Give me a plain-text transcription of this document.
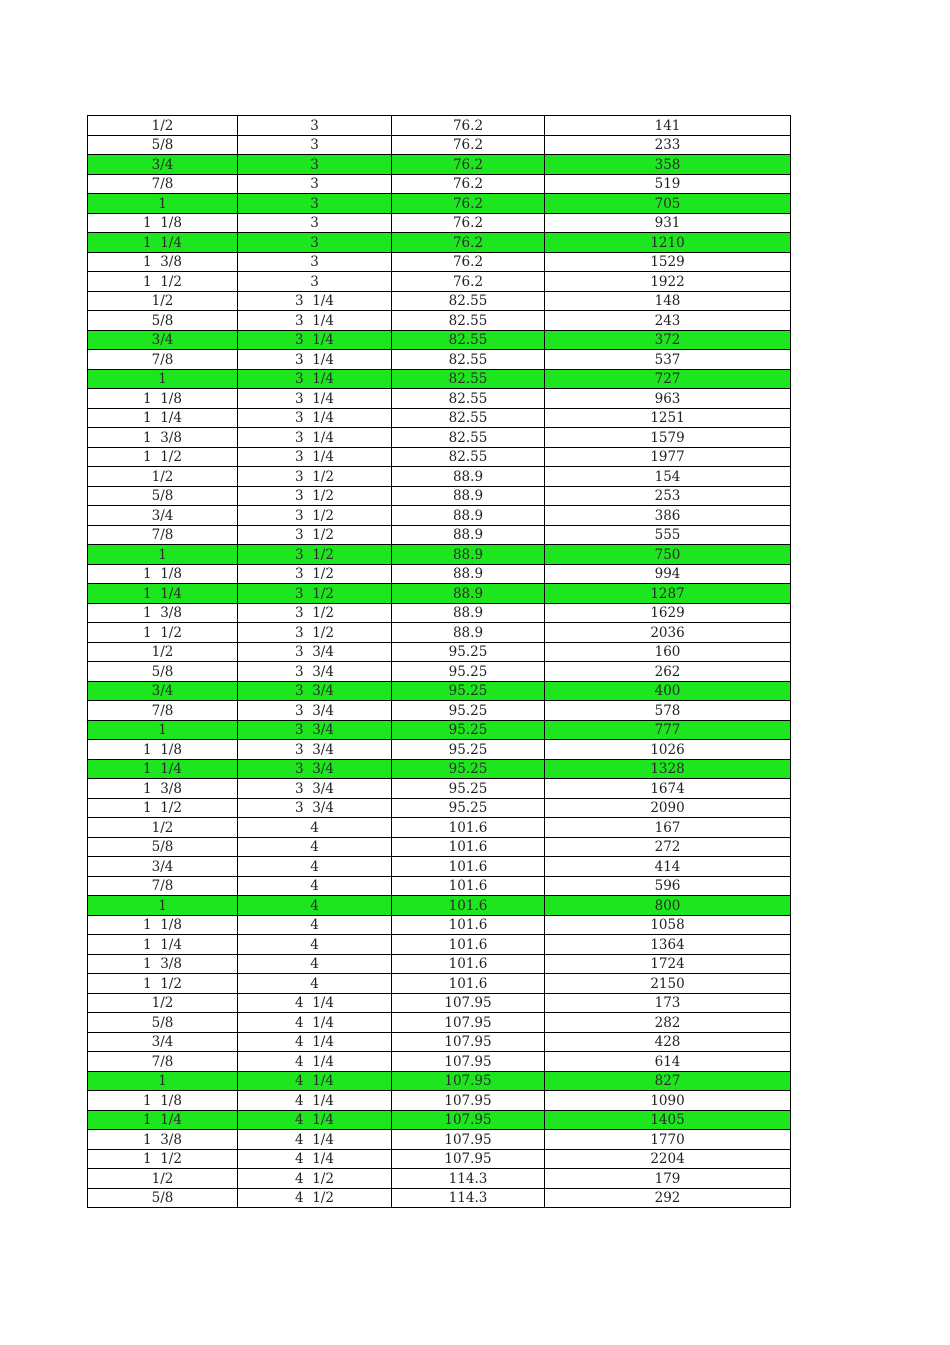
1/2	3	76.2	141
5/8	3	76.2	233
3/4	3	76.2	358
7/8	3	76.2	519
1	3	76.2	705
1  1/8	3	76.2	931
1  1/4	3	76.2	1210
1  3/8	3	76.2	1529
1  1/2	3	76.2	1922
1/2	3  1/4	82.55	148
5/8	3  1/4	82.55	243
3/4	3  1/4	82.55	372
7/8	3  1/4	82.55	537
1	3  1/4	82.55	727
1  1/8	3  1/4	82.55	963
1  1/4	3  1/4	82.55	1251
1  3/8	3  1/4	82.55	1579
1  1/2	3  1/4	82.55	1977
1/2	3  1/2	88.9	154
5/8	3  1/2	88.9	253
3/4	3  1/2	88.9	386
7/8	3  1/2	88.9	555
1	3  1/2	88.9	750
1  1/8	3  1/2	88.9	994
1  1/4	3  1/2	88.9	1287
1  3/8	3  1/2	88.9	1629
1  1/2	3  1/2	88.9	2036
1/2	3  3/4	95.25	160
5/8	3  3/4	95.25	262
3/4	3  3/4	95.25	400
7/8	3  3/4	95.25	578
1	3  3/4	95.25	777
1  1/8	3  3/4	95.25	1026
1  1/4	3  3/4	95.25	1328
1  3/8	3  3/4	95.25	1674
1  1/2	3  3/4	95.25	2090
1/2	4	101.6	167
5/8	4	101.6	272
3/4	4	101.6	414
7/8	4	101.6	596
1	4	101.6	800
1  1/8	4	101.6	1058
1  1/4	4	101.6	1364
1  3/8	4	101.6	1724
1  1/2	4	101.6	2150
1/2	4  1/4	107.95	173
5/8	4  1/4	107.95	282
3/4	4  1/4	107.95	428
7/8	4  1/4	107.95	614
1	4  1/4	107.95	827
1  1/8	4  1/4	107.95	1090
1  1/4	4  1/4	107.95	1405
1  3/8	4  1/4	107.95	1770
1  1/2	4  1/4	107.95	2204
1/2	4  1/2	114.3	179
5/8	4  1/2	114.3	292
